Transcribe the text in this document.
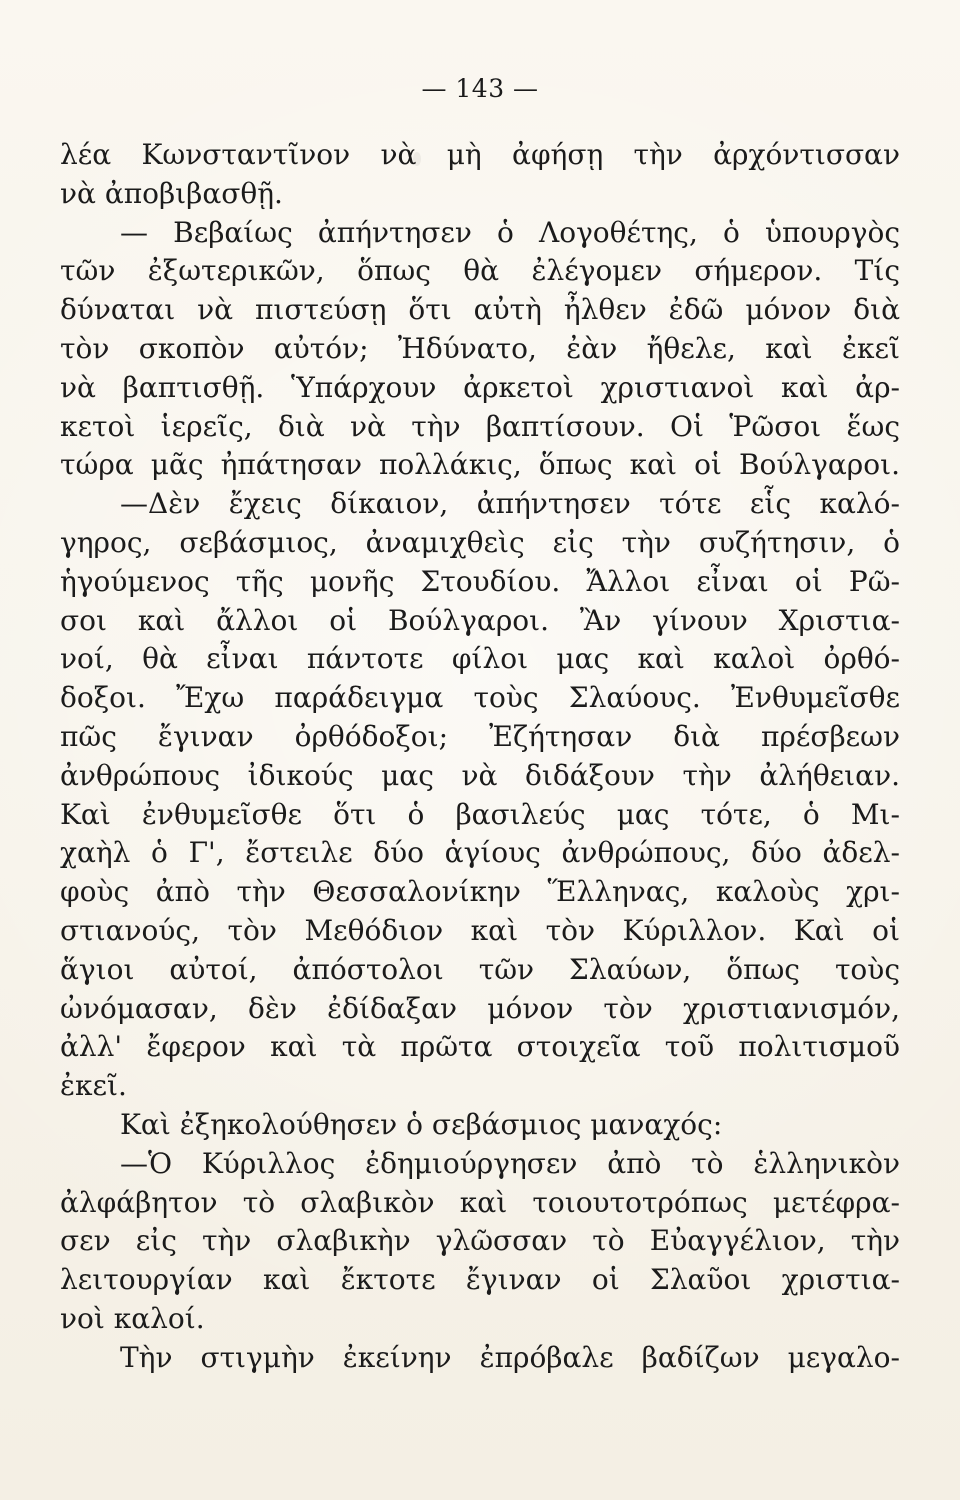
— 143 —
λέα Κωνσταντῖνον νὰ μὴ ἀφήσῃ τὴν ἀρχόντισσαν
νὰ ἀποβιβασθῇ.
— Βεβαίως ἀπήντησεν ὁ Λογοθέτης, ὁ ὑπουργὸς
τῶν ἐξωτερικῶν, ὅπως θὰ ἐλέγομεν σήμερον. Τίς
δύναται νὰ πιστεύσῃ ὅτι αὐτὴ ἦλθεν ἐδῶ μόνον διὰ
τὸν σκοπὸν αὐτόν; Ἠδύνατο, ἐὰν ἤθελε, καὶ ἐκεῖ
νὰ βαπτισθῇ. Ὑπάρχουν ἀρκετοὶ χριστιανοὶ καὶ ἀρ-
κετοὶ ἱερεῖς, διὰ νὰ τὴν βαπτίσουν. Οἱ Ῥῶσοι ἕως
τώρα μᾶς ἠπάτησαν πολλάκις, ὅπως καὶ οἱ Βούλγαροι.
—Δὲν ἔχεις δίκαιον, ἀπήντησεν τότε εἷς καλό-
γηρος, σεβάσμιος, ἀναμιχθεὶς εἰς τὴν συζήτησιν, ὁ
ἡγούμενος τῆς μονῆς Στουδίου. Ἄλλοι εἶναι οἱ Ρῶ-
σοι καὶ ἄλλοι οἱ Βούλγαροι. Ἂν γίνουν Χριστια-
νοί, θὰ εἶναι πάντοτε φίλοι μας καὶ καλοὶ ὀρθό-
δοξοι. Ἔχω παράδειγμα τοὺς Σλαύους. Ἐνθυμεῖσθε
πῶς ἔγιναν ὀρθόδοξοι; Ἐζήτησαν διὰ πρέσβεων
ἀνθρώπους ἰδικούς μας νὰ διδάξουν τὴν ἀλήθειαν.
Καὶ ἐνθυμεῖσθε ὅτι ὁ βασιλεύς μας τότε, ὁ Μι-
χαὴλ ὁ Γ', ἔστειλε δύο ἁγίους ἀνθρώπους, δύο ἀδελ-
φοὺς ἀπὸ τὴν Θεσσαλονίκην Ἕλληνας, καλοὺς χρι-
στιανούς, τὸν Μεθόδιον καὶ τὸν Κύριλλον. Καὶ οἱ
ἅγιοι αὐτοί, ἀπόστολοι τῶν Σλαύων, ὅπως τοὺς
ὠνόμασαν, δὲν ἐδίδαξαν μόνον τὸν χριστιανισμόν,
ἀλλ' ἔφερον καὶ τὰ πρῶτα στοιχεῖα τοῦ πολιτισμοῦ
ἐκεῖ.
Καὶ ἐξηκολούθησεν ὁ σεβάσμιος μαναχός:
—Ὁ Κύριλλος ἐδημιούργησεν ἀπὸ τὸ ἑλληνικὸν
ἀλφάβητον τὸ σλαβικὸν καὶ τοιουτοτρόπως μετέφρα-
σεν εἰς τὴν σλαβικὴν γλῶσσαν τὸ Εὐαγγέλιον, τὴν
λειτουργίαν καὶ ἔκτοτε ἔγιναν οἱ Σλαῦοι χριστια-
νοὶ καλοί.
Τὴν στιγμὴν ἐκείνην ἐπρόβαλε βαδίζων μεγαλο-
